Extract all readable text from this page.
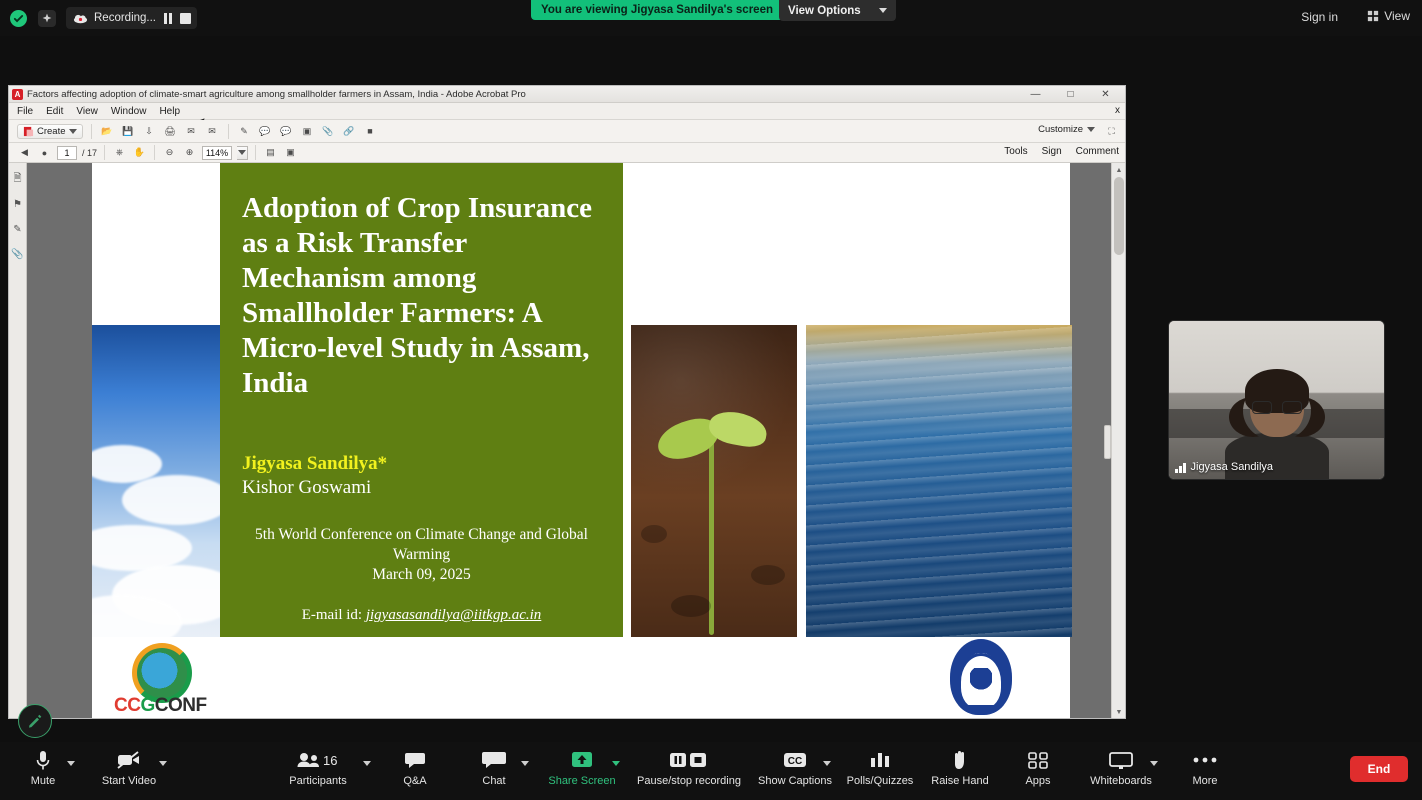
Recording...
You are viewing Jigyasa Sandilya's screen	View Options	Sign in	View
A Factors affecting adoption of climate-smart agriculture among smallholder farmers in Assam, India - Adobe Acrobat Pro	—	□	✕
File Edit View Window Help	x
Create	📂 💾	⇩	🖨	✉	✉	✎	💬 💬	▣	📎 🔗	■	Customize	⛶
◀	●	1	/ 17	⎈	✋	⊖	⊕	114%	▤	▣	Tools Sign Comment
🗎
⚑
✎
📎
Adoption of Crop Insurance as a Risk Transfer Mechanism among Smallholder Farmers: A Micro-level Study in Assam, India
Jigyasa Sandilya*
Kishor Goswami
5th World Conference on Climate Change and Global Warming
March 09, 2025
E-mail id: jigyasasandilya@iitkgp.ac.in
CCGCONF
▲
▼
Jigyasa Sandilya
Mute	Start Video
16
Participants	Q&A	Chat	Share Screen Pause/stop recording
CC
Show Captions Polls/Quizzes Raise Hand	Apps	Whiteboards	More
End
